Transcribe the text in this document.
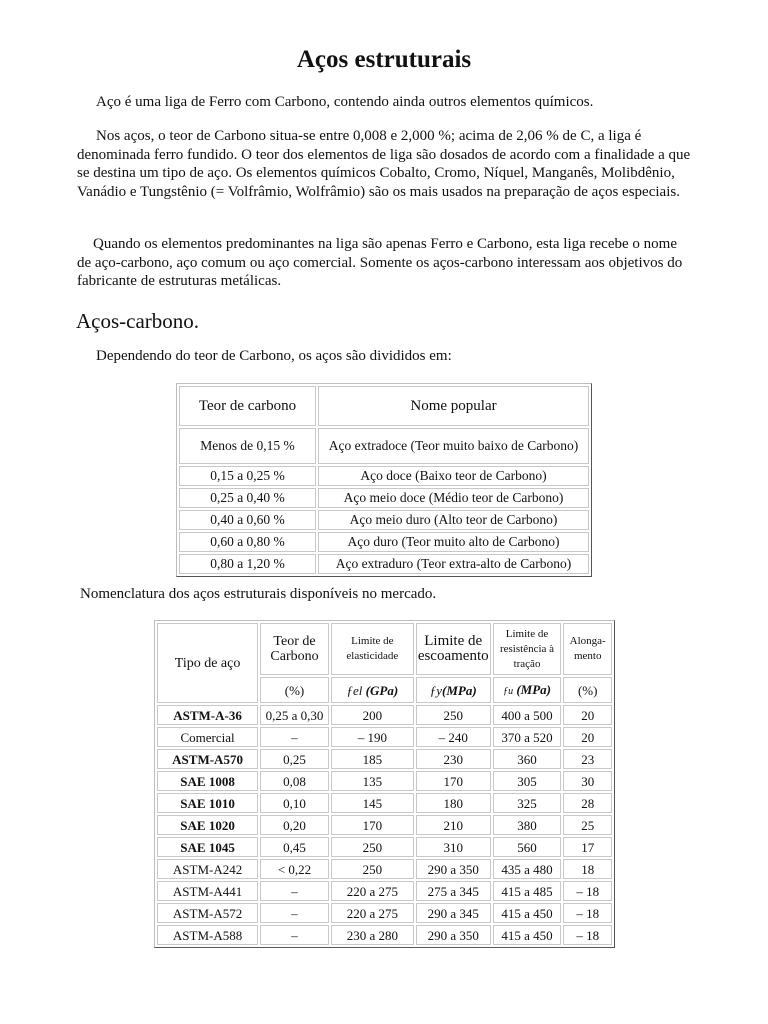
Aços estruturais

Aço é uma liga de Ferro com Carbono, contendo ainda outros elementos químicos.

Nos aços, o teor de Carbono situa-se entre 0,008 e 2,000 %; acima de 2,06 % de C, a liga é denominada ferro fundido. O teor dos elementos de liga são dosados de acordo com a finalidade a que se destina um tipo de aço. Os elementos químicos Cobalto, Cromo, Níquel, Manganês, Molibdênio, Vanádio e Tungstênio (= Volfrâmio, Wolfrâmio) são os mais usados na preparação de aços especiais.

Quando os elementos predominantes na liga são apenas Ferro e Carbono, esta liga recebe o nome de aço-carbono, aço comum ou aço comercial. Somente os aços-carbono interessam aos objetivos do fabricante de estruturas metálicas.

Aços-carbono.

Dependendo do teor de Carbono, os aços são divididos em:

Teor de carbono	Nome popular
Menos de 0,15 %	Aço extradoce (Teor muito baixo de Carbono)
0,15 a 0,25 %	Aço doce (Baixo teor de Carbono)
0,25 a 0,40 %	Aço meio doce (Médio teor de Carbono)
0,40 a 0,60 %	Aço meio duro (Alto teor de Carbono)
0,60 a 0,80 %	Aço duro (Teor muito alto de Carbono)
0,80 a 1,20 %	Aço extraduro (Teor extra-alto de Carbono)

Nomenclatura dos aços estruturais disponíveis no mercado.

Tipo de aço	Teor de Carbono	Limite de elasticidade	Limite de escoamento	Limite de resistência à tração	Alonga-mento
	(%)	ƒel (GPa)	ƒy(MPa)	ƒu (MPa)	(%)
ASTM-A-36	0,25 a 0,30	200	250	400 a 500	20
Comercial	–	– 190	– 240	370 a 520	20
ASTM-A570	0,25	185	230	360	23
SAE 1008	0,08	135	170	305	30
SAE 1010	0,10	145	180	325	28
SAE 1020	0,20	170	210	380	25
SAE 1045	0,45	250	310	560	17
ASTM-A242	< 0,22	250	290 a 350	435 a 480	18
ASTM-A441	–	220 a 275	275 a 345	415 a 485	– 18
ASTM-A572	–	220 a 275	290 a 345	415 a 450	– 18
ASTM-A588	–	230 a 280	290 a 350	415 a 450	– 18
